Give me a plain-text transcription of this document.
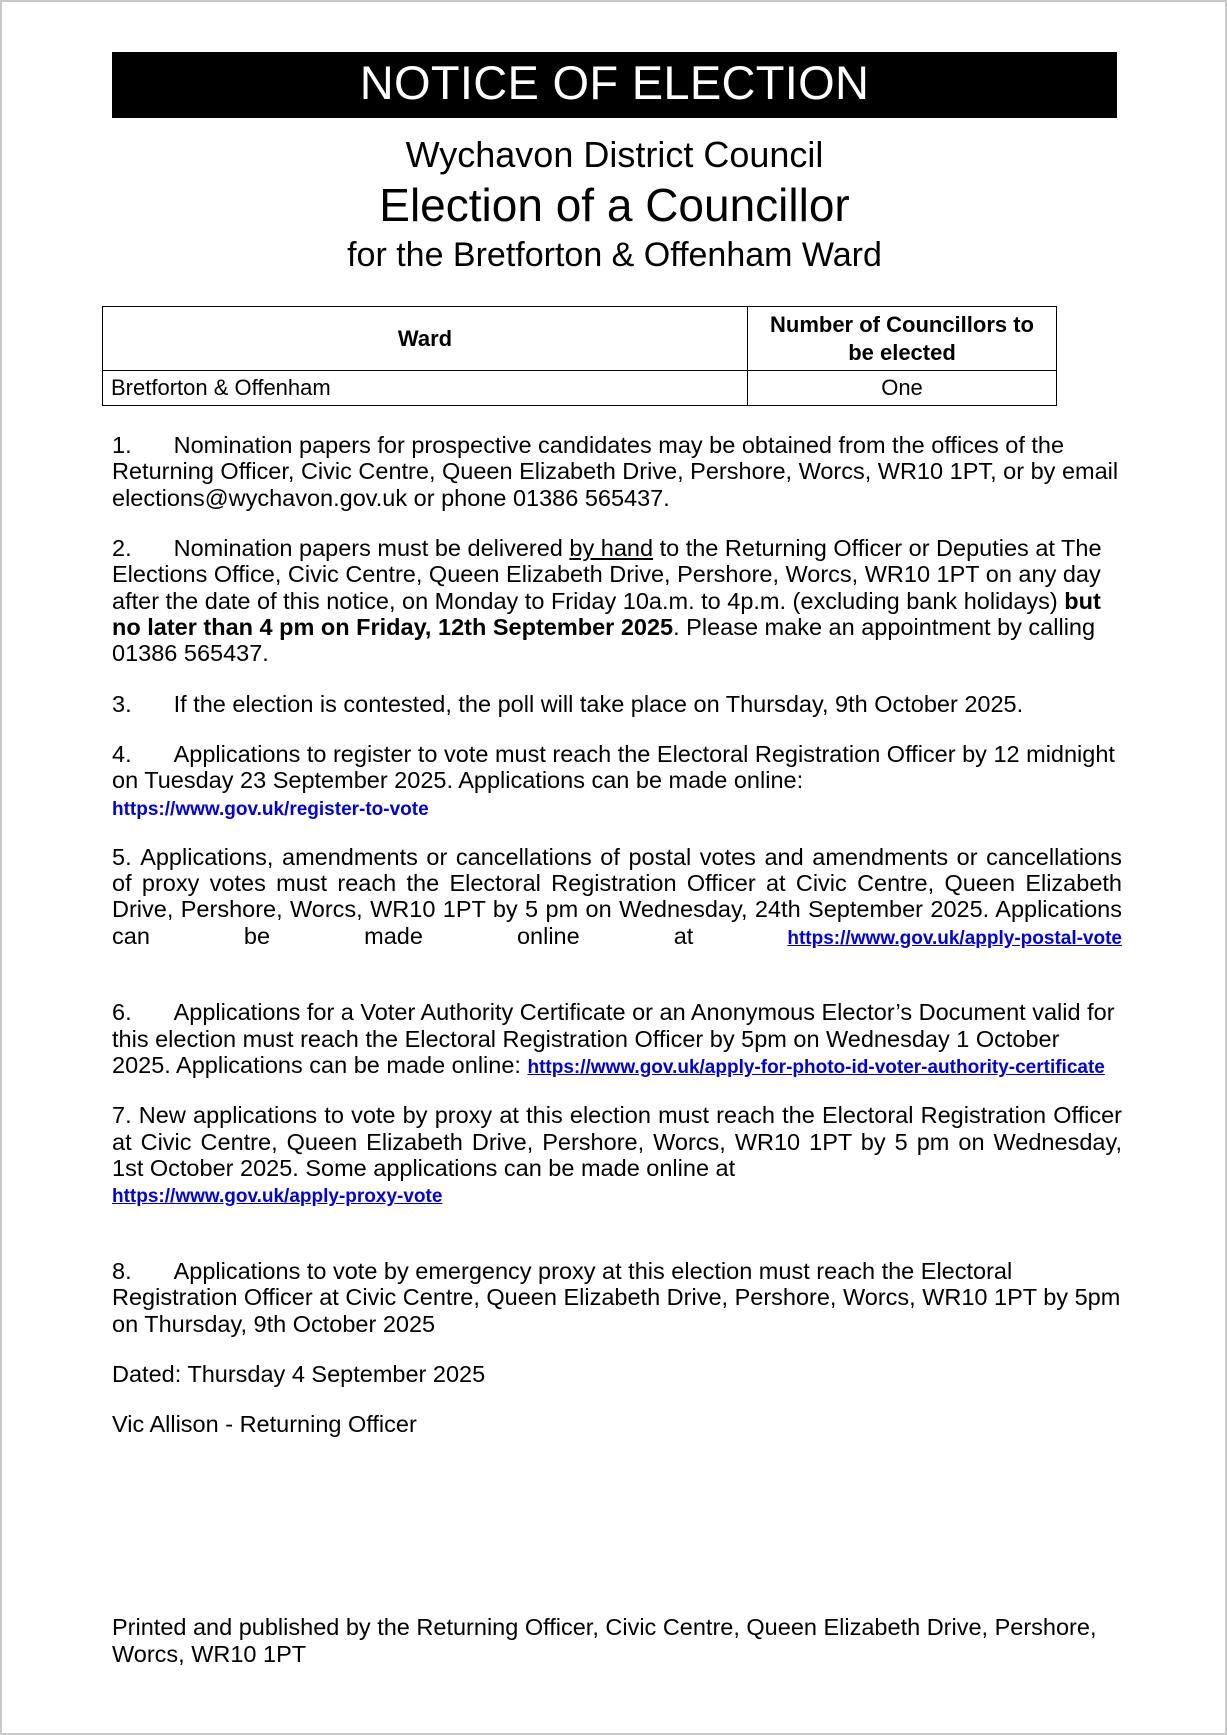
NOTICE OF ELECTION
Wychavon District Council
Election of a Councillor
for the Bretforton & Offenham Ward
Ward	Number of Councillors to be elected
Bretforton & Offenham	One

1. Nomination papers for prospective candidates may be obtained from the offices of the Returning Officer, Civic Centre, Queen Elizabeth Drive, Pershore, Worcs, WR10 1PT, or by email elections@wychavon.gov.uk or phone 01386 565437.

2. Nomination papers must be delivered by hand to the Returning Officer or Deputies at The Elections Office, Civic Centre, Queen Elizabeth Drive, Pershore, Worcs, WR10 1PT on any day after the date of this notice, on Monday to Friday 10a.m. to 4p.m. (excluding bank holidays) but no later than 4 pm on Friday, 12th September 2025. Please make an appointment by calling 01386 565437.

3. If the election is contested, the poll will take place on Thursday, 9th October 2025.

4. Applications to register to vote must reach the Electoral Registration Officer by 12 midnight on Tuesday 23 September 2025. Applications can be made online:
https://www.gov.uk/register-to-vote

5. Applications, amendments or cancellations of postal votes and amendments or cancellations of proxy votes must reach the Electoral Registration Officer at Civic Centre, Queen Elizabeth Drive, Pershore, Worcs, WR10 1PT by 5 pm on Wednesday, 24th September 2025. Applications can be made online at https://www.gov.uk/apply-postal-vote

6. Applications for a Voter Authority Certificate or an Anonymous Elector’s Document valid for this election must reach the Electoral Registration Officer by 5pm on Wednesday 1 October 2025. Applications can be made online: https://www.gov.uk/apply-for-photo-id-voter-authority-certificate

7. New applications to vote by proxy at this election must reach the Electoral Registration Officer at Civic Centre, Queen Elizabeth Drive, Pershore, Worcs, WR10 1PT by 5 pm on Wednesday, 1st October 2025. Some applications can be made online at
https://www.gov.uk/apply-proxy-vote

8. Applications to vote by emergency proxy at this election must reach the Electoral Registration Officer at Civic Centre, Queen Elizabeth Drive, Pershore, Worcs, WR10 1PT by 5pm on Thursday, 9th October 2025

Dated: Thursday 4 September 2025

Vic Allison - Returning Officer

Printed and published by the Returning Officer, Civic Centre, Queen Elizabeth Drive, Pershore, Worcs, WR10 1PT
